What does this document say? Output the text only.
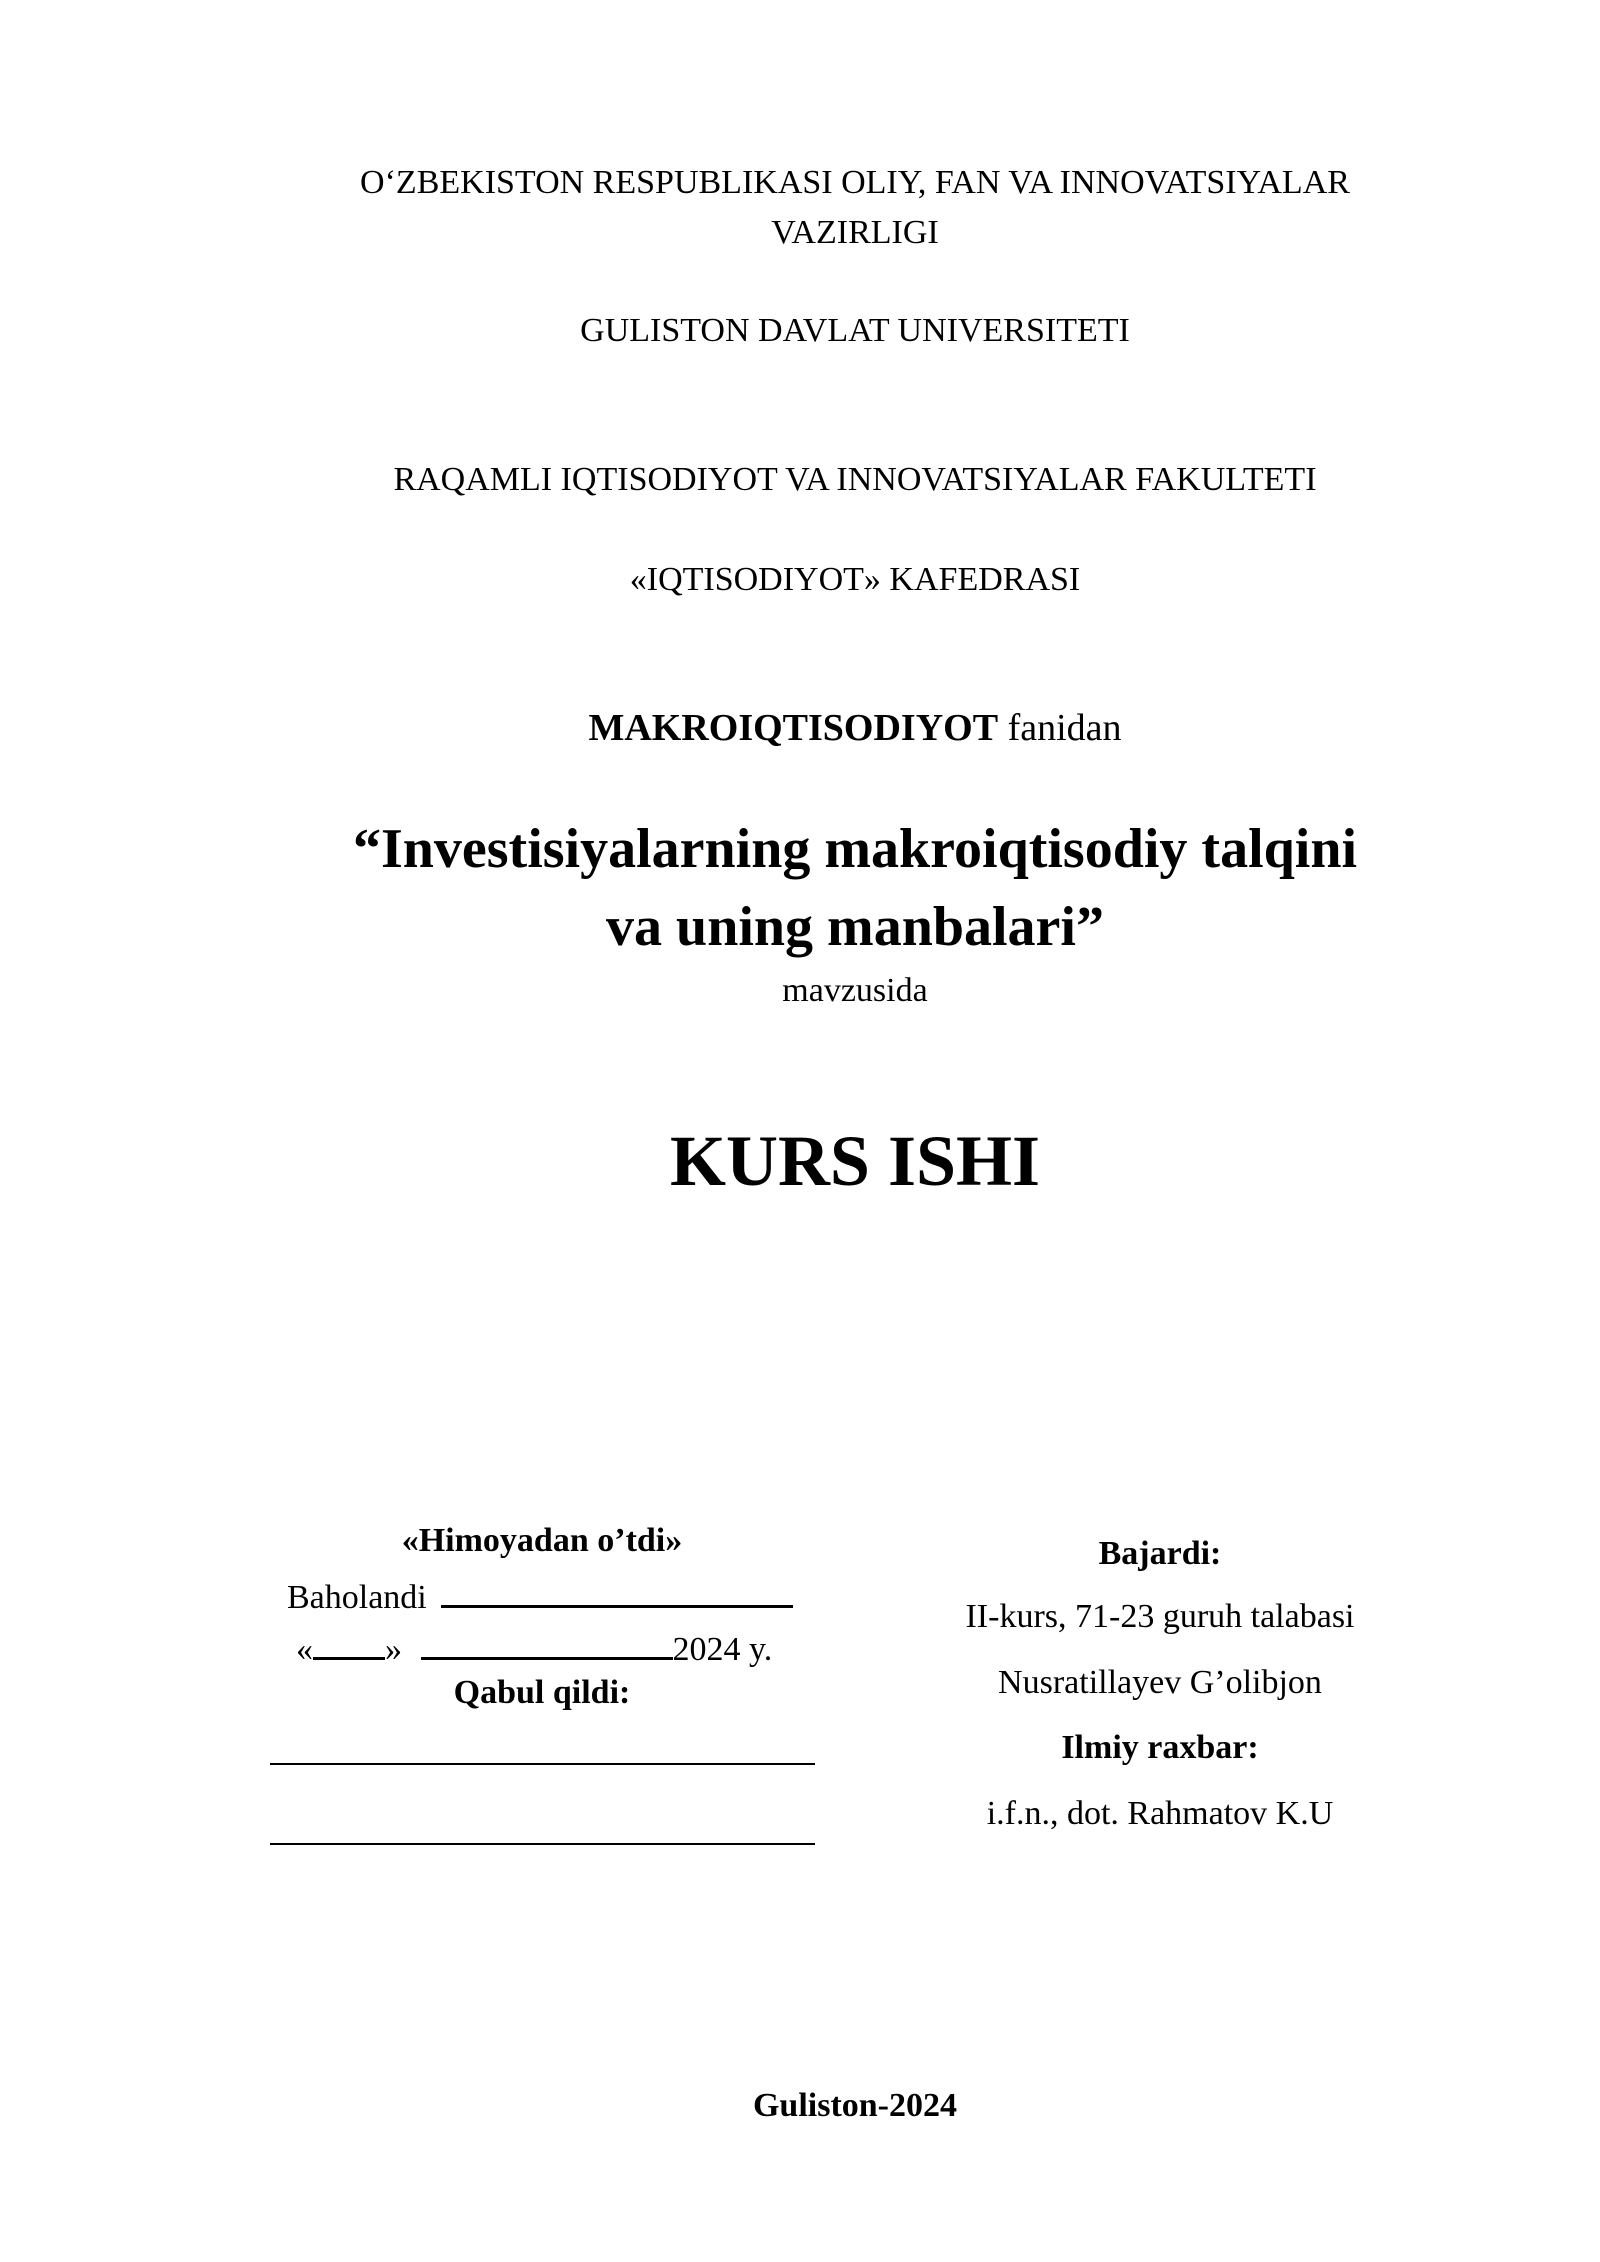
O‘ZBEKISTON RESPUBLIKASI OLIY, FAN VA INNOVATSIYALAR
VAZIRLIGI
GULISTON DAVLAT UNIVERSITETI
RAQAMLI IQTISODIYOT VA INNOVATSIYALAR FAKULTETI
«IQTISODIYOT» KAFEDRASI
MAKROIQTISODIYOT fanidan
“Investisiyalarning makroiqtisodiy talqini
va uning manbalari”
mavzusida
KURS ISHI
«Himoyadan o’tdi»
Baholandi
« »	2024 y.
Qabul qildi:
Bajardi:
II-kurs, 71-23 guruh talabasi
Nusratillayev G’olibjon
Ilmiy raxbar:
i.f.n., dot. Rahmatov K.U
Guliston-2024
